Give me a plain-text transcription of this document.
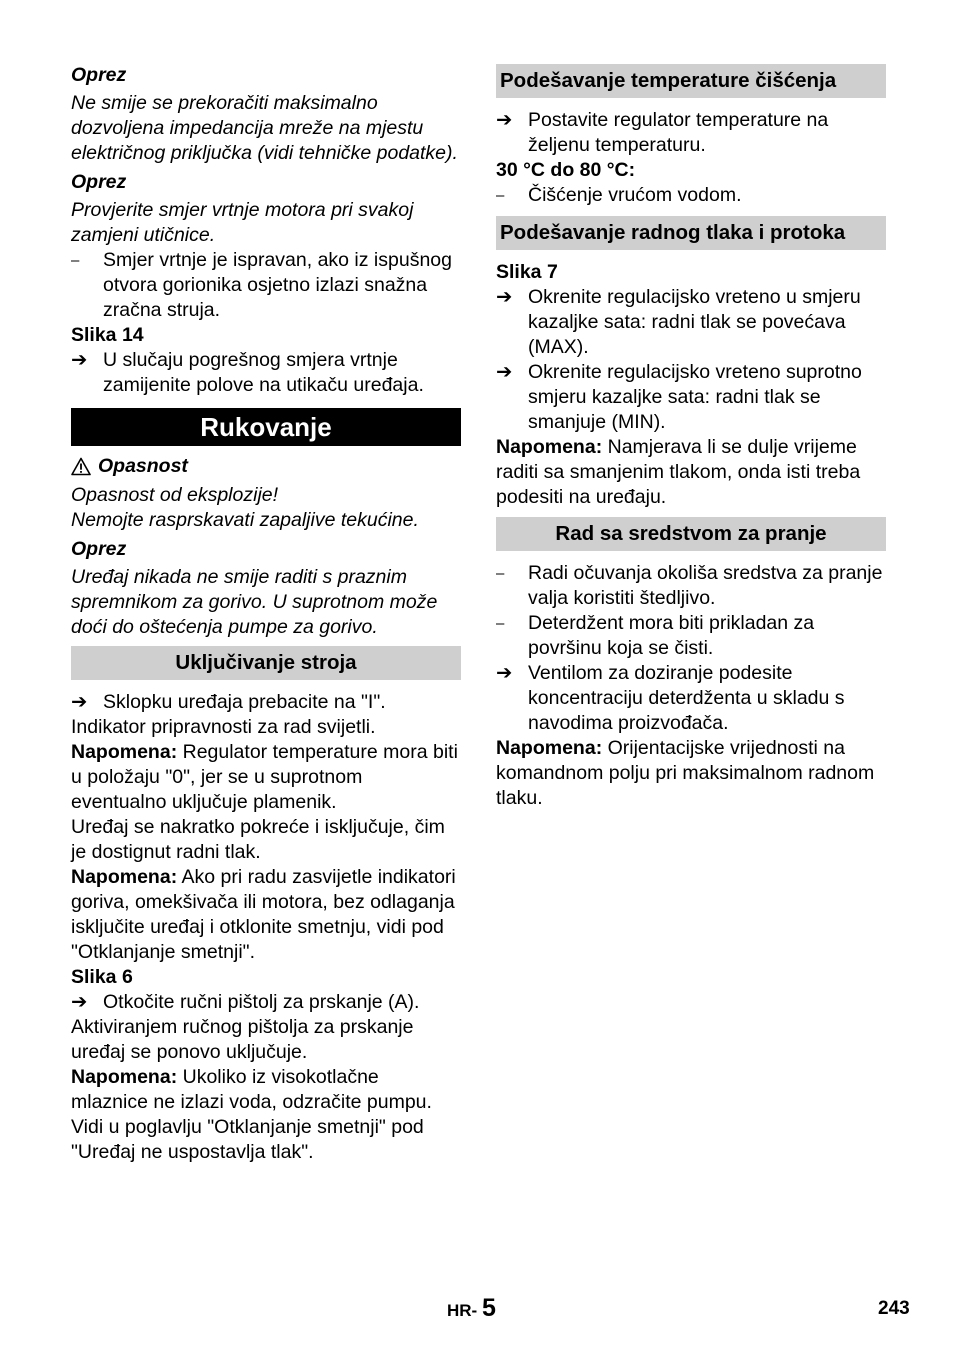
Oprez

Ne smije se prekoračiti maksimalno dozvoljena impedancija mreže na mjestu električnog priključka (vidi tehničke podatke).

Oprez

Provjerite smjer vrtnje motora pri svakoj zamjeni utičnice.

–	Smjer vrtnje je ispravan, ako iz ispušnog otvora gorionika osjetno izlazi snažna zračna struja.

Slika 14

➔ U slučaju pogrešnog smjera vrtnje zamijenite polove na utikaču uređaja.
Rukovanje
Opasnost

Opasnost od eksplozije!

Nemojte rasprskavati zapaljive tekućine.

Oprez

Uređaj nikada ne smije raditi s praznim spremnikom za gorivo. U suprotnom može doći do oštećenja pumpe za gorivo.

Uključivanje stroja
➔ Sklopku uređaja prebacite na "I".

Indikator pripravnosti za rad svijetli.

Napomena: Regulator temperature mora biti u položaju "0", jer se u suprotnom eventualno uključuje plamenik.

Uređaj se nakratko pokreće i isključuje, čim je dostignut radni tlak.

Napomena: Ako pri radu zasvijetle indikatori goriva, omekšivača ili motora, bez odlaganja isključite uređaj i otklonite smetnju, vidi pod "Otklanjanje smetnji".

Slika 6

➔ Otkočite ručni pištolj za prskanje (A).

Aktiviranjem ručnog pištolja za prskanje uređaj se ponovo uključuje.

Napomena: Ukoliko iz visokotlačne mlaznice ne izlazi voda, odzračite pumpu. Vidi u poglavlju "Otklanjanje smetnji" pod "Uređaj ne uspostavlja tlak".

Podešavanje temperature čišćenja
➔ Postavite regulator temperature na željenu temperaturu.

30 °C do 80 °C:

–	Čišćenje vrućom vodom.
Podešavanje radnog tlaka i protoka

Slika 7

➔ Okrenite regulacijsko vreteno u smjeru kazaljke sata: radni tlak se povećava (MAX).
➔ Okrenite regulacijsko vreteno suprotno smjeru kazaljke sata: radni tlak se smanjuje (MIN).

Napomena: Namjerava li se dulje vrijeme raditi sa smanjenim tlakom, onda isti treba podesiti na uređaju.

Rad sa sredstvom za pranje
–	Radi očuvanja okoliša sredstva za pranje valja koristiti štedljivo.
–	Deterdžent mora biti prikladan za površinu koja se čisti.
➔ Ventilom za doziranje podesite koncentraciju deterdženta u skladu s navodima proizvođača.

Napomena: Orijentacijske vrijednosti na komandnom polju pri maksimalnom radnom tlaku.

HR- 5	243
